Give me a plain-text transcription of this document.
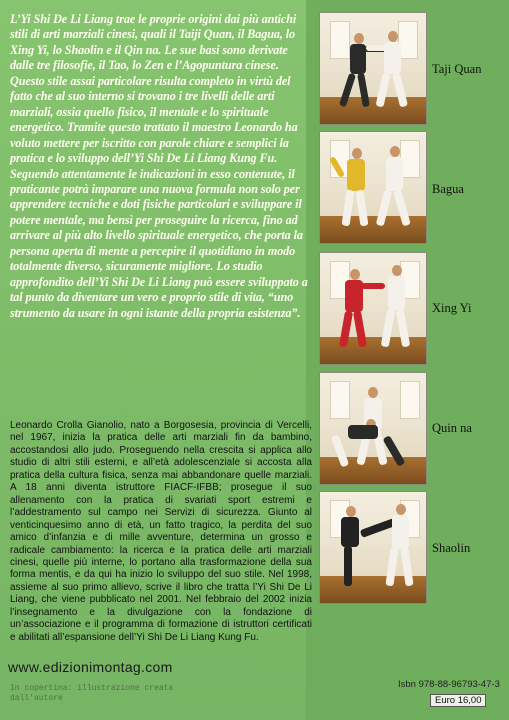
L’Yi Shi De Li Liang trae le proprie origini dai più antichi stili di arti marziali cinesi, quali il Taiji Quan, il Bagua, lo Xing Yi, lo Shaolin e il Qin na. Le sue basi sono derivate dalle tre filosofie, il Tao, lo Zen e l’Agopuntura cinese. Questo stile assai particolare risulta completo in virtù del fatto che al suo interno si trovano i tre livelli delle arti marziali, ossia quello fisico, il mentale e lo spirituale energetico. Tramite questo trattato il maestro Leonardo ha voluto mettere per iscritto con parole chiare e semplici la pratica e lo sviluppo dell’Yi Shi De Li Liang Kung Fu. Seguendo attentamente le indicazioni in esso contenute, il praticante potrà imparare una nuova formula non solo per apprendere tecniche e doti fisiche particolari e sviluppare il potere mentale, ma bensì per proseguire la ricerca, fino ad arrivare al più alto livello spirituale energetico, che porta la persona aperta di mente a percepire il quotidiano in modo totalmente diverso, sicuramente migliore. Lo studio approfondito dell’Yi Shi De Li Liang può essere sviluppato a tal punto da diventare un vero e proprio stile di vita, “uno strumento da usare in ogni istante della propria esistenza”.

Taji Quan
Bagua
Xing Yi
Quin na
Shaolin

Leonardo Crolla Gianolio, nato a Borgosesia, provincia di Vercelli, nel 1967, inizia la pratica delle arti marziali fin da bambino, accostandosi allo judo. Proseguendo nella crescita si applica allo studio di altri stili esterni, e all’età adolescenziale si accosta alla pratica della cultura fisica, senza mai abbandonare quelle marziali. A 18 anni diventa istruttore FIACF-IFBB; prosegue il suo allenamento con la pratica di svariati sport estremi e l’addestramento sul campo nei Servizi di sicurezza. Giunto al venticinquesimo anno di età, un fatto tragico, la perdita del suo amico d’infanzia e di mille avventure, determina un grosso e radicale cambiamento: la ricerca e la pratica delle arti marziali cinesi, quelle più interne, lo portano alla trasformazione della sua forma mentis, e da qui ha inizio lo sviluppo del suo stile. Nel 1998, assieme al suo primo allievo, scrive il libro che tratta l’Yi Shi De Li Liang, che viene pubblicato nel 2001. Nel febbraio del 2002 inizia l’insegnamento e la divulgazione con la fondazione di un’associazione e il programma di formazione di istruttori certificati e abilitati all’espansione dell’Yi Shi De Li Liang Kung Fu.

www.edizionimontag.com

In copertina: illustrazione creata dall’autore

Isbn 978-88-96793-47-3
Euro 16,00
